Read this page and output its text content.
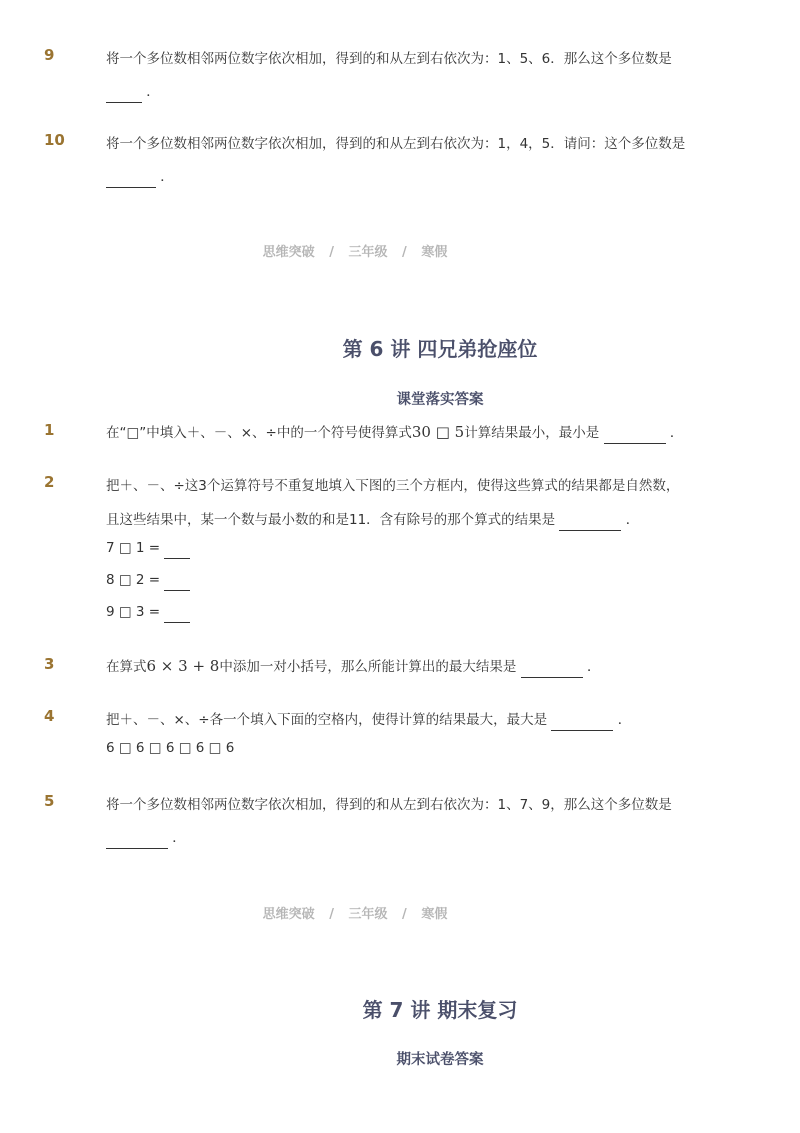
9	将一个多位数相邻两位数字依次相加，得到的和从左到右依次为：1、5、6．那么这个多位数是
．
10	将一个多位数相邻两位数字依次相加，得到的和从左到右依次为：1，4，5．请问：这个多位数是
．
思维突破 / 三年级 / 寒假
第 6 讲 四兄弟抢座位
课堂落实答案
1	在“□”中填入＋、－、×、÷中的一个符号使得算式30 □ 5计算结果最小，最小是	．
2	把＋、－、÷这3个运算符号不重复地填入下图的三个方框内，使得这些算式的结果都是自然数，
且这些结果中，某一个数与最小数的和是11．含有除号的那个算式的结果是	．
7 □ 1 =
8 □ 2 =
9 □ 3 =
3	在算式6 × 3 + 8中添加一对小括号，那么所能计算出的最大结果是	．
4	把＋、－、×、÷各一个填入下面的空格内，使得计算的结果最大，最大是	．
6 □ 6 □ 6 □ 6 □ 6
5	将一个多位数相邻两位数字依次相加，得到的和从左到右依次为：1、7、9，那么这个多位数是
．
思维突破 / 三年级 / 寒假
第 7 讲 期末复习
期末试卷答案
